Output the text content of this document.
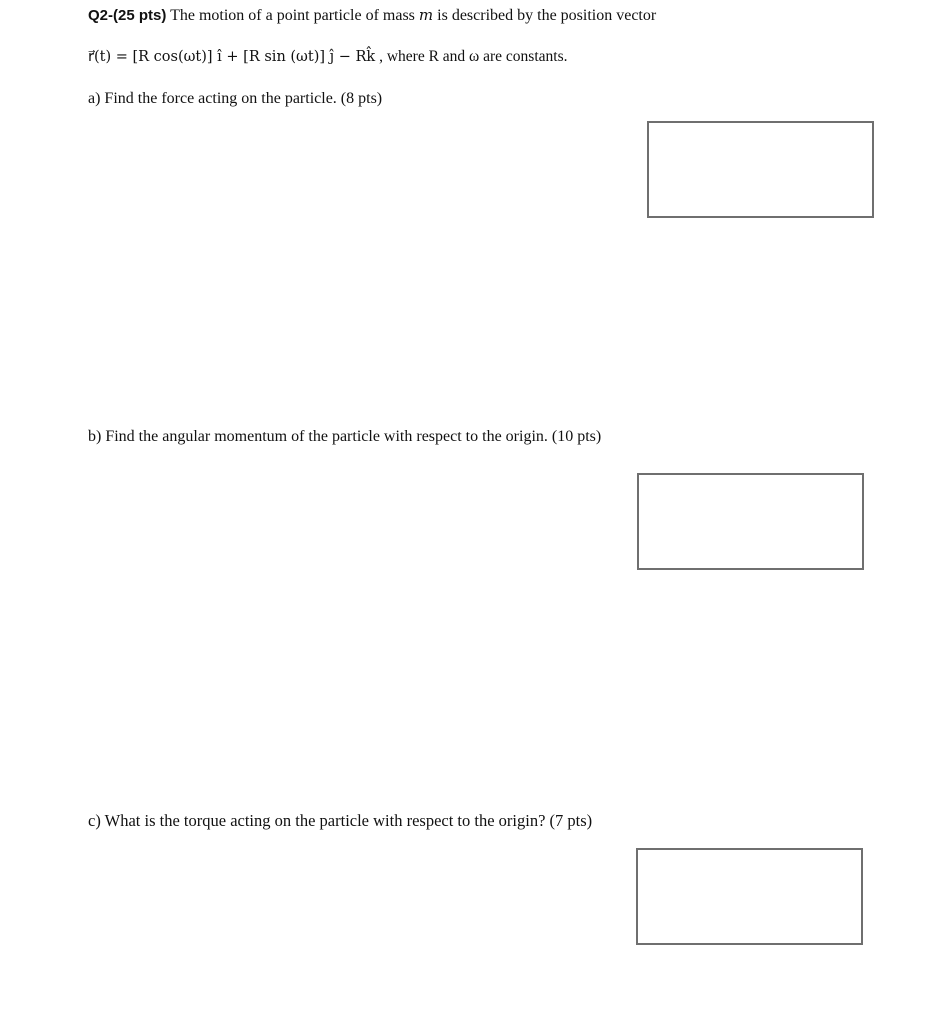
Q2-(25 pts) The motion of a point particle of mass m is described by the position vector
r⃗(t) = [R cos(ωt)] î + [R sin (ωt)] ĵ − Rk̂ , where R and ω are constants.
a) Find the force acting on the particle. (8 pts)
b) Find the angular momentum of the particle with respect to the origin. (10 pts)
c) What is the torque acting on the particle with respect to the origin? (7 pts)
